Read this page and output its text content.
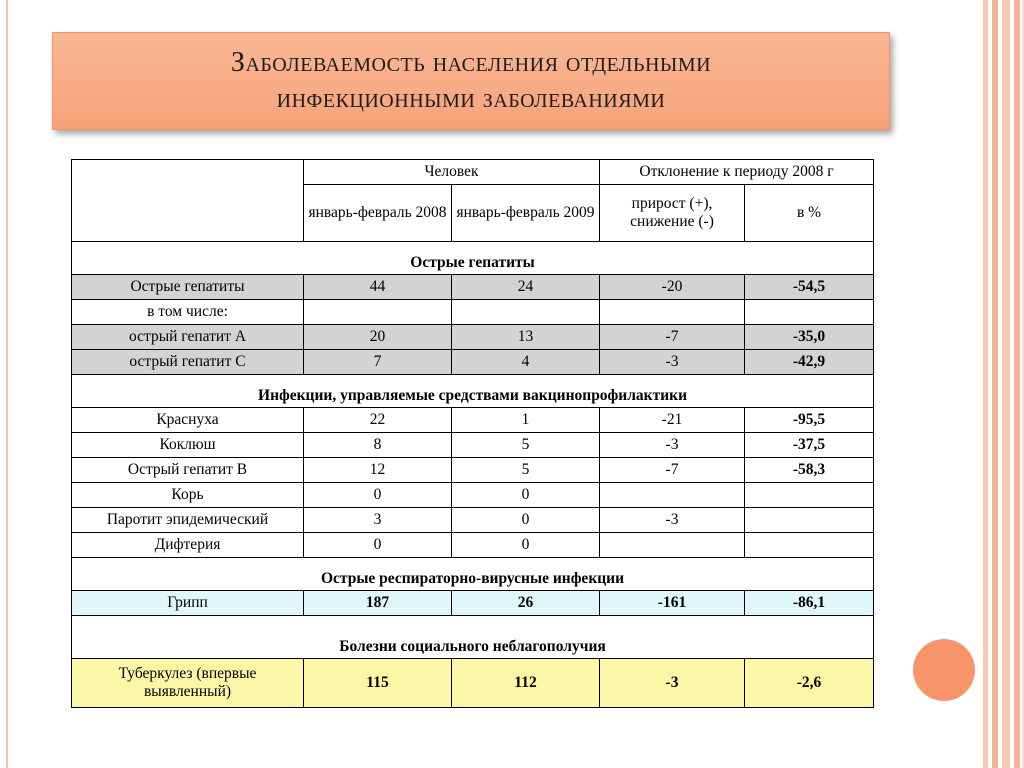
Заболеваемость населения отдельными
инфекционными заболеваниями
	Человек		Отклонение к периоду 2008 г	
	январь-февраль 2008	январь-февраль 2009	прирост (+), снижение (-)	в %
Острые гепатиты				
Острые гепатиты	44	24	-20	-54,5
в том числе:				
острый гепатит А	20	13	-7	-35,0
острый гепатит С	7	4	-3	-42,9
Инфекции, управляемые средствами вакцинопрофилактики				
Краснуха	22	1	-21	-95,5
Коклюш	8	5	-3	-37,5
Острый гепатит В	12	5	-7	-58,3
Корь	0	0		
Паротит эпидемический	3	0	-3	
Дифтерия	0	0		
Острые респираторно-вирусные инфекции				
Грипп	187	26	-161	-86,1
Болезни социального неблагополучия				
Туберкулез (впервые выявленный)	115	112	-3	-2,6
